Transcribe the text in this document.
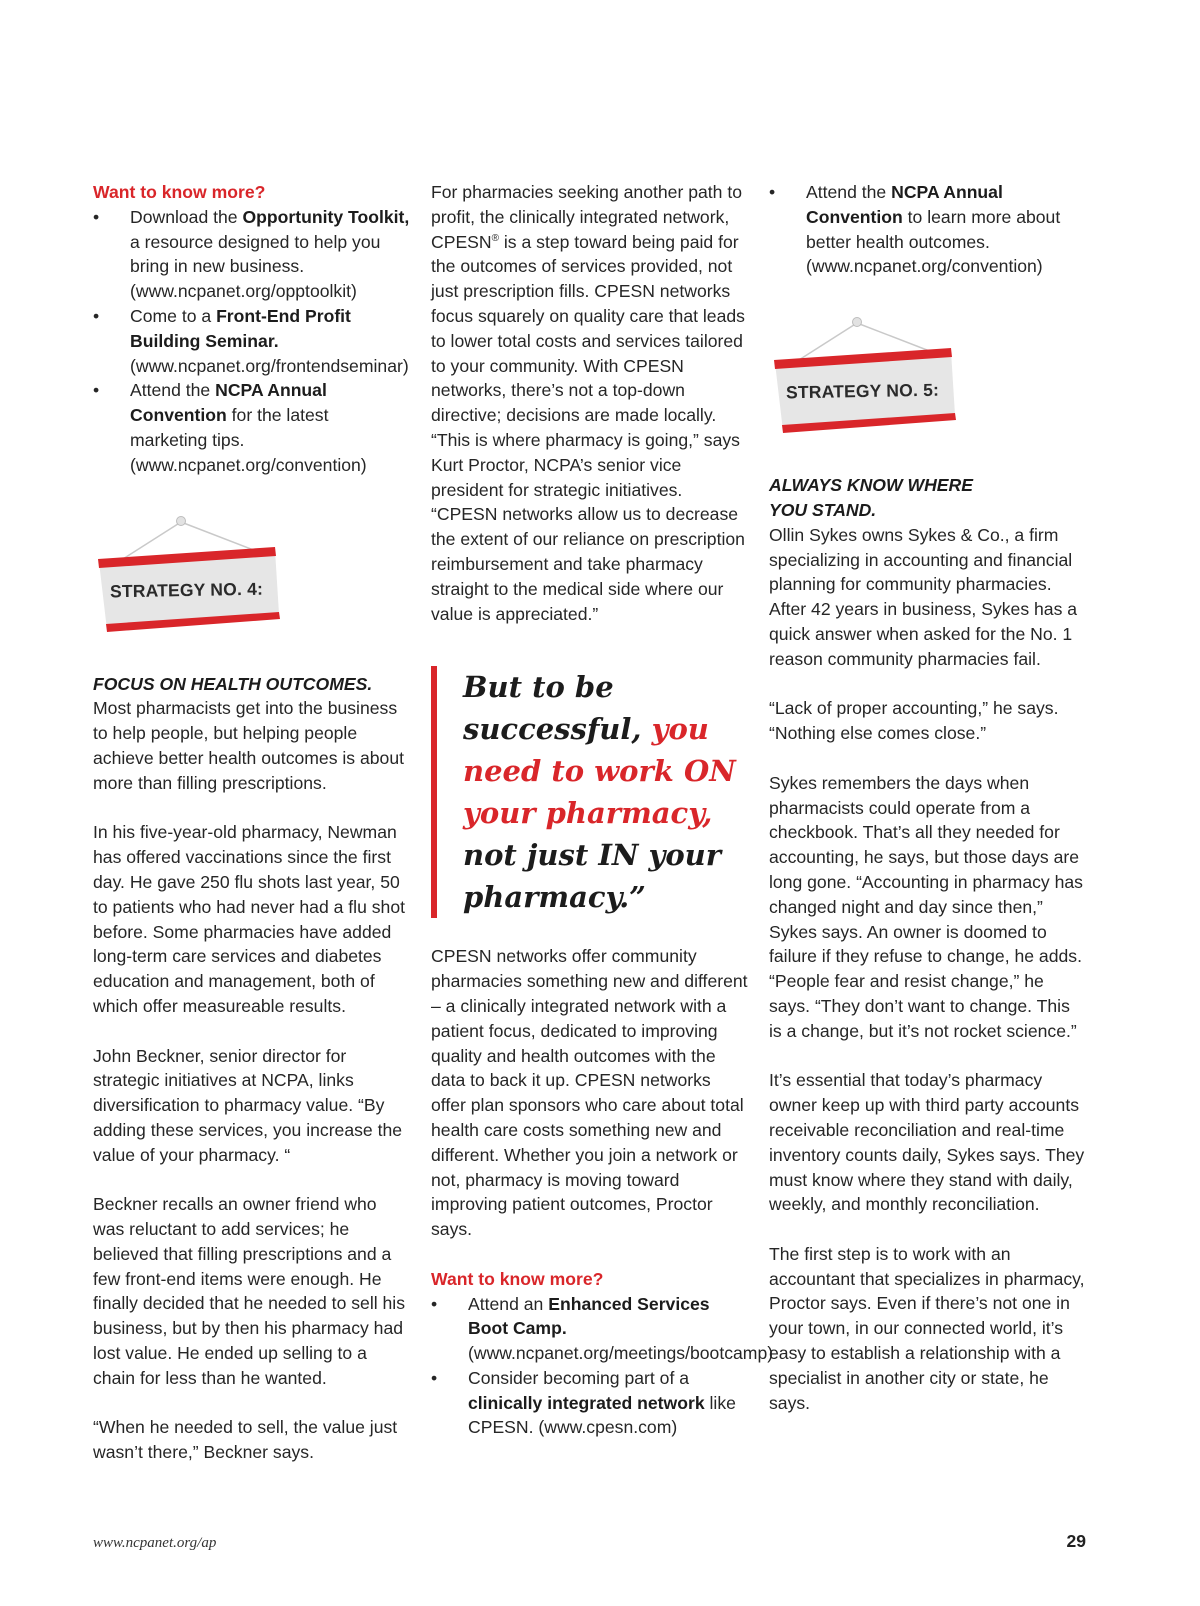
Want to know more?

• Download the Opportunity Toolkit, a resource designed to help you bring in new business. (www.ncpanet.org/opptoolkit)
• Come to a Front-End Profit Building Seminar. (www.ncpanet.org/frontendseminar)
• Attend the NCPA Annual Convention for the latest marketing tips. (www.ncpanet.org/convention)
STRATEGY NO. 4:

FOCUS ON HEALTH OUTCOMES.

Most pharmacists get into the business to help people, but helping people achieve better health outcomes is about more than filling prescriptions.

In his five-year-old pharmacy, Newman has offered vaccinations since the first day. He gave 250 flu shots last year, 50 to patients who had never had a flu shot before. Some pharmacies have added long-term care services and diabetes education and management, both of which offer measureable results.

John Beckner, senior director for strategic initiatives at NCPA, links diversification to pharmacy value. “By adding these services, you increase the value of your pharmacy. “

Beckner recalls an owner friend who was reluctant to add services; he believed that filling prescriptions and a few front-end items were enough. He finally decided that he needed to sell his business, but by then his pharmacy had lost value. He ended up selling to a chain for less than he wanted.

“When he needed to sell, the value just wasn’t there,” Beckner says.

For pharmacies seeking another path to profit, the clinically integrated network, CPESN® is a step toward being paid for the outcomes of services provided, not just prescription fills. CPESN networks focus squarely on quality care that leads to lower total costs and services tailored to your community. With CPESN networks, there’s not a top-down directive; decisions are made locally. “This is where pharmacy is going,” says Kurt Proctor, NCPA’s senior vice president for strategic initiatives. “CPESN networks allow us to decrease the extent of our reliance on prescription reimbursement and take pharmacy straight to the medical side where our value is appreciated.”

But to be successful, you need to work ON your pharmacy, not just IN your pharmacy.”

CPESN networks offer community pharmacies something new and different – a clinically integrated network with a patient focus, dedicated to improving quality and health outcomes with the data to back it up. CPESN networks offer plan sponsors who care about total health care costs something new and different. Whether you join a network or not, pharmacy is moving toward improving patient outcomes, Proctor says.

Want to know more?

• Attend an Enhanced Services Boot Camp. (www.ncpanet.org/meetings/bootcamp)
• Consider becoming part of a clinically integrated network like CPESN. (www.cpesn.com)
• Attend the NCPA Annual Convention to learn more about better health outcomes. (www.ncpanet.org/convention)
STRATEGY NO. 5:

ALWAYS KNOW WHERE
YOU STAND.

Ollin Sykes owns Sykes & Co., a firm specializing in accounting and financial planning for community pharmacies. After 42 years in business, Sykes has a quick answer when asked for the No. 1 reason community pharmacies fail.

“Lack of proper accounting,” he says. “Nothing else comes close.”

Sykes remembers the days when pharmacists could operate from a checkbook. That’s all they needed for accounting, he says, but those days are long gone. “Accounting in pharmacy has changed night and day since then,” Sykes says. An owner is doomed to failure if they refuse to change, he adds. “People fear and resist change,” he says. “They don’t want to change. This is a change, but it’s not rocket science.”

It’s essential that today’s pharmacy owner keep up with third party accounts receivable reconciliation and real-time inventory counts daily, Sykes says. They must know where they stand with daily, weekly, and monthly reconciliation.

The first step is to work with an accountant that specializes in pharmacy, Proctor says. Even if there’s not one in your town, in our connected world, it’s easy to establish a relationship with a specialist in another city or state, he says.

www.ncpanet.org/ap	29
